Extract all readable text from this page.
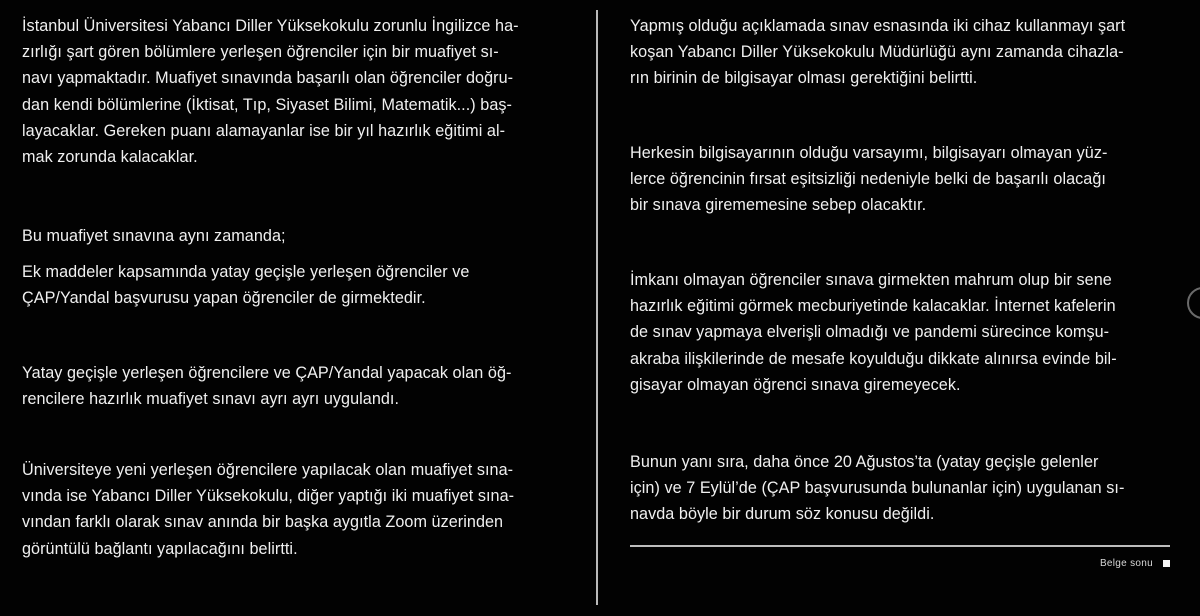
İstanbul Üniversitesi Yabancı Diller Yüksekokulu zorunlu İngilizce ha-
zırlığı şart gören bölümlere yerleşen öğrenciler için bir muafiyet sı-
navı yapmaktadır. Muafiyet sınavında başarılı olan öğrenciler doğru-
dan kendi bölümlerine (İktisat, Tıp, Siyaset Bilimi, Matematik...) baş-
layacaklar. Gereken puanı alamayanlar ise bir yıl hazırlık eğitimi al-
mak zorunda kalacaklar.

Bu muafiyet sınavına aynı zamanda;

Ek maddeler kapsamında yatay geçişle yerleşen öğrenciler ve
ÇAP/Yandal başvurusu yapan öğrenciler de girmektedir.

Yatay geçişle yerleşen öğrencilere ve ÇAP/Yandal yapacak olan öğ-
rencilere hazırlık muafiyet sınavı ayrı ayrı uygulandı.

Üniversiteye yeni yerleşen öğrencilere yapılacak olan muafiyet sına-
vında ise Yabancı Diller Yüksekokulu, diğer yaptığı iki muafiyet sına-
vından farklı olarak sınav anında bir başka aygıtla Zoom üzerinden
görüntülü bağlantı yapılacağını belirtti.

Yapmış olduğu açıklamada sınav esnasında iki cihaz kullanmayı şart
koşan Yabancı Diller Yüksekokulu Müdürlüğü aynı zamanda cihazla-
rın birinin de bilgisayar olması gerektiğini belirtti.

Herkesin bilgisayarının olduğu varsayımı, bilgisayarı olmayan yüz-
lerce öğrencinin fırsat eşitsizliği nedeniyle belki de başarılı olacağı
bir sınava girememesine sebep olacaktır.

İmkanı olmayan öğrenciler sınava girmekten mahrum olup bir sene
hazırlık eğitimi görmek mecburiyetinde kalacaklar. İnternet kafelerin
de sınav yapmaya elverişli olmadığı ve pandemi sürecince komşu-
akraba ilişkilerinde de mesafe koyulduğu dikkate alınırsa evinde bil-
gisayar olmayan öğrenci sınava giremeyecek.

Bunun yanı sıra, daha önce 20 Ağustos’ta (yatay geçişle gelenler
için) ve 7 Eylül’de (ÇAP başvurusunda bulunanlar için) uygulanan sı-
navda böyle bir durum söz konusu değildi.

Belge sonu
